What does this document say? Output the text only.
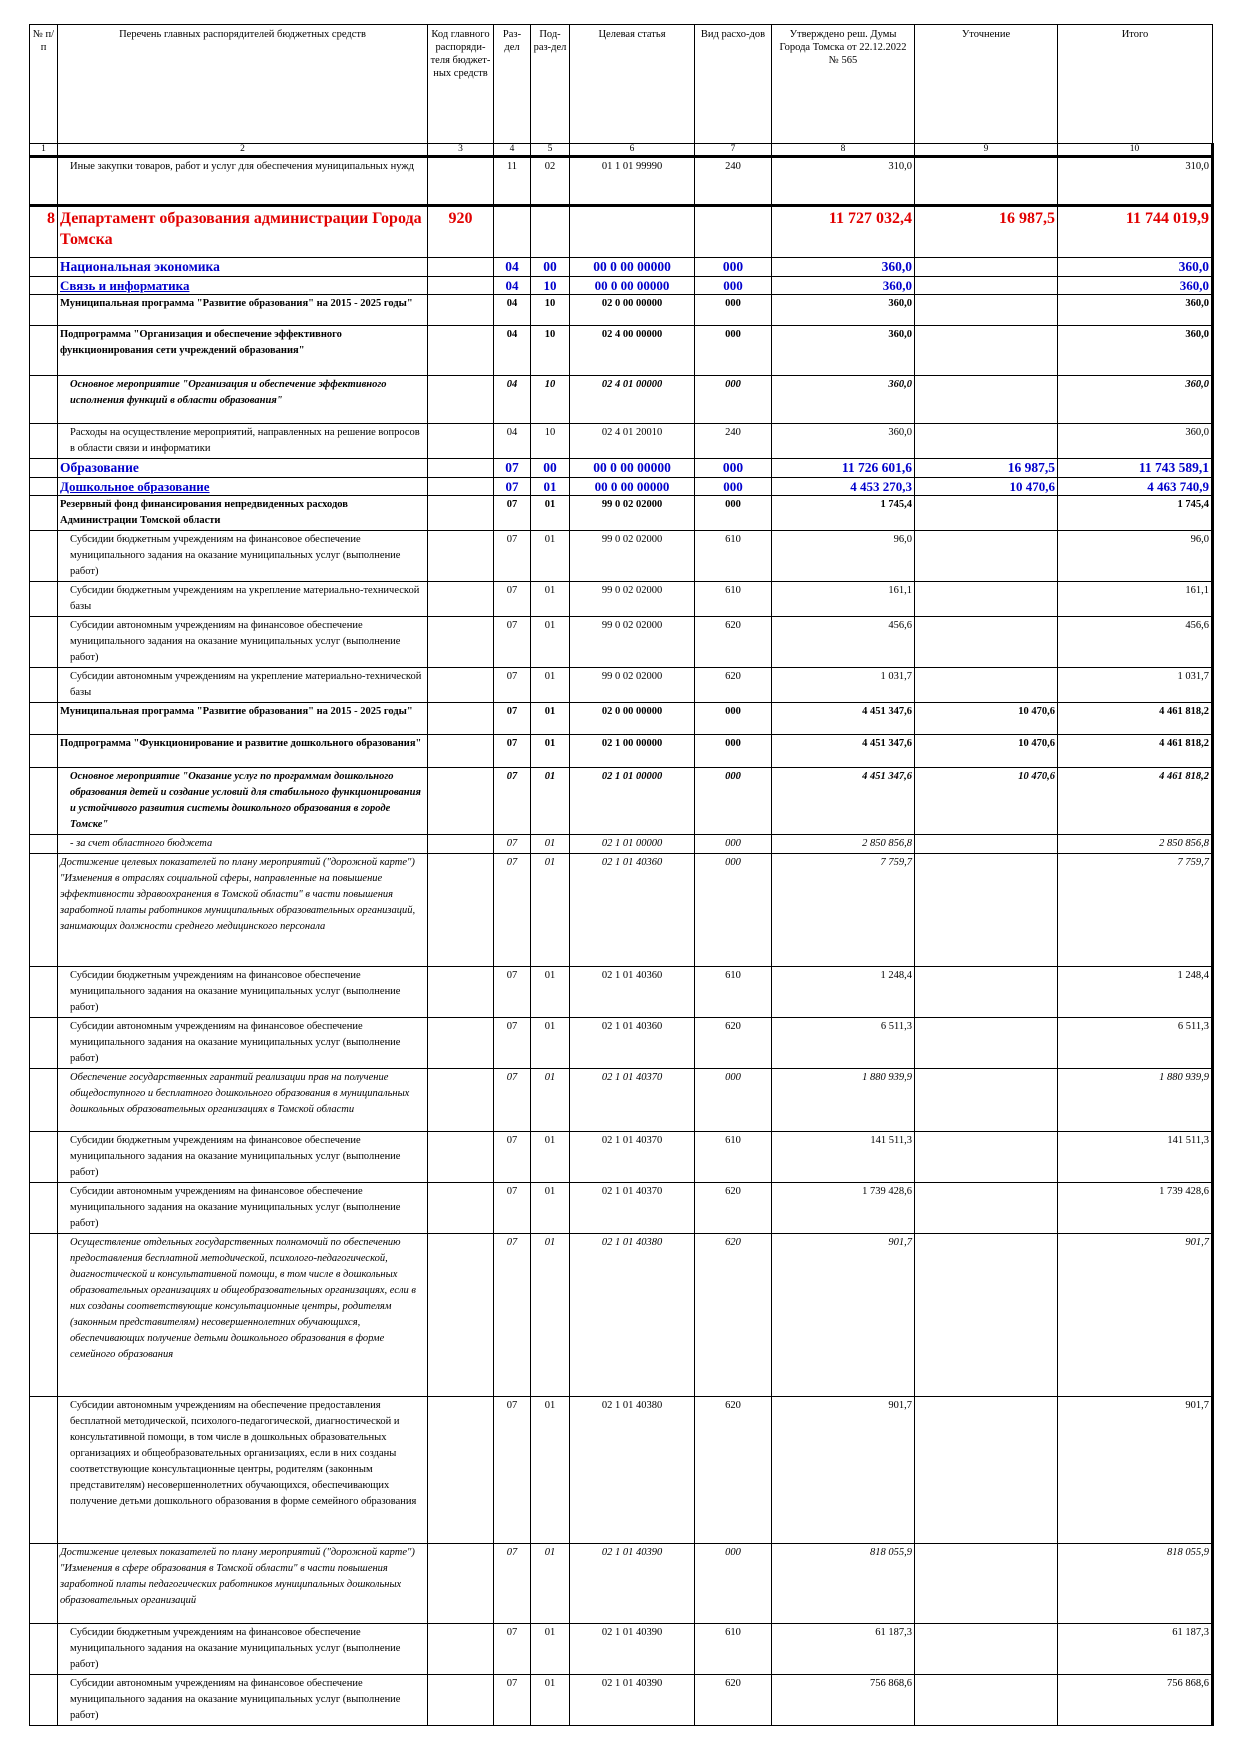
№ п/п	Перечень главных распорядителей бюджетных средств	Код главного распоряди-теля бюджет-ных средств	Раз-дел	Под-раз-дел	Целевая статья	Вид расхо-дов	Утверждено реш. Думы Города Томска от 22.12.2022 № 565	Уточнение	Итого
1	2	3	4	5	6	7	8	9	10
	Иные закупки товаров, работ и услуг для обеспечения муниципальных нужд		11	02	01 1 01 99990	240	310,0		310,0
8	Департамент образования администрации Города Томска	920					11 727 032,4	16 987,5	11 744 019,9
	Национальная экономика		04	00	00 0 00 00000	000	360,0		360,0
	Связь и информатика		04	10	00 0 00 00000	000	360,0		360,0
	Муниципальная программа "Развитие образования" на 2015 - 2025 годы"		04	10	02 0 00 00000	000	360,0		360,0
	Подпрограмма "Организация и обеспечение эффективного функционирования сети учреждений образования"		04	10	02 4 00 00000	000	360,0		360,0
	Основное мероприятие "Организация и обеспечение эффективного исполнения функций в области образования"		04	10	02 4 01 00000	000	360,0		360,0
	Расходы на осуществление мероприятий, направленных на решение вопросов в области связи и информатики		04	10	02 4 01 20010	240	360,0		360,0
	Образование		07	00	00 0 00 00000	000	11 726 601,6	16 987,5	11 743 589,1
	Дошкольное образование		07	01	00 0 00 00000	000	4 453 270,3	10 470,6	4 463 740,9
	Резервный фонд финансирования непредвиденных расходов Администрации Томской области		07	01	99 0 02 02000	000	1 745,4		1 745,4
	Субсидии бюджетным учреждениям на финансовое обеспечение муниципального задания на оказание муниципальных услуг (выполнение работ)		07	01	99 0 02 02000	610	96,0		96,0
	Субсидии бюджетным учреждениям на укрепление материально-технической базы		07	01	99 0 02 02000	610	161,1		161,1
	Субсидии автономным учреждениям на финансовое обеспечение муниципального задания на оказание муниципальных услуг (выполнение работ)		07	01	99 0 02 02000	620	456,6		456,6
	Субсидии автономным учреждениям на укрепление материально-технической базы		07	01	99 0 02 02000	620	1 031,7		1 031,7
	Муниципальная программа "Развитие образования" на 2015 - 2025 годы"		07	01	02 0 00 00000	000	4 451 347,6	10 470,6	4 461 818,2
	Подпрограмма "Функционирование и развитие дошкольного образования"		07	01	02 1 00 00000	000	4 451 347,6	10 470,6	4 461 818,2
	Основное мероприятие "Оказание услуг по программам дошкольного образования детей и создание условий для стабильного функционирования и устойчивого развития системы дошкольного образования в городе Томске"		07	01	02 1 01 00000	000	4 451 347,6	10 470,6	4 461 818,2
	- за счет областного бюджета		07	01	02 1 01 00000	000	2 850 856,8		2 850 856,8
	Достижение целевых показателей по плану мероприятий ("дорожной карте") "Изменения в отраслях социальной сферы, направленные на повышение эффективности здравоохранения в Томской области" в части повышения заработной платы работников муниципальных образовательных организаций, занимающих должности среднего медицинского персонала		07	01	02 1 01 40360	000	7 759,7		7 759,7
	Субсидии бюджетным учреждениям на финансовое обеспечение муниципального задания на оказание муниципальных услуг (выполнение работ)		07	01	02 1 01 40360	610	1 248,4		1 248,4
	Субсидии автономным учреждениям на финансовое обеспечение муниципального задания на оказание муниципальных услуг (выполнение работ)		07	01	02 1 01 40360	620	6 511,3		6 511,3
	Обеспечение государственных гарантий реализации прав на получение общедоступного и бесплатного дошкольного образования в муниципальных дошкольных образовательных организациях в Томской области		07	01	02 1 01 40370	000	1 880 939,9		1 880 939,9
	Субсидии бюджетным учреждениям на финансовое обеспечение муниципального задания на оказание муниципальных услуг (выполнение работ)		07	01	02 1 01 40370	610	141 511,3		141 511,3
	Субсидии автономным учреждениям на финансовое обеспечение муниципального задания на оказание муниципальных услуг (выполнение работ)		07	01	02 1 01 40370	620	1 739 428,6		1 739 428,6
	Осуществление отдельных государственных полномочий по обеспечению предоставления бесплатной методической, психолого-педагогической, диагностической и консультативной помощи, в том числе в дошкольных образовательных организациях и общеобразовательных организациях, если в них созданы соответствующие консультационные центры, родителям (законным представителям) несовершеннолетних обучающихся, обеспечивающих получение детьми дошкольного образования в форме семейного образования		07	01	02 1 01 40380	620	901,7		901,7
	Субсидии автономным учреждениям на обеспечение предоставления бесплатной методической, психолого-педагогической, диагностической и консультативной помощи, в том числе в дошкольных образовательных организациях и общеобразовательных организациях, если в них созданы соответствующие консультационные центры, родителям (законным представителям) несовершеннолетних обучающихся, обеспечивающих получение детьми дошкольного образования в форме семейного образования		07	01	02 1 01 40380	620	901,7		901,7
	Достижение целевых показателей по плану мероприятий ("дорожной карте") "Изменения в сфере образования в Томской области" в части повышения заработной платы педагогических работников муниципальных дошкольных образовательных организаций		07	01	02 1 01 40390	000	818 055,9		818 055,9
	Субсидии бюджетным учреждениям на финансовое обеспечение муниципального задания на оказание муниципальных услуг (выполнение работ)		07	01	02 1 01 40390	610	61 187,3		61 187,3
	Субсидии автономным учреждениям на финансовое обеспечение муниципального задания на оказание муниципальных услуг (выполнение работ)		07	01	02 1 01 40390	620	756 868,6		756 868,6
